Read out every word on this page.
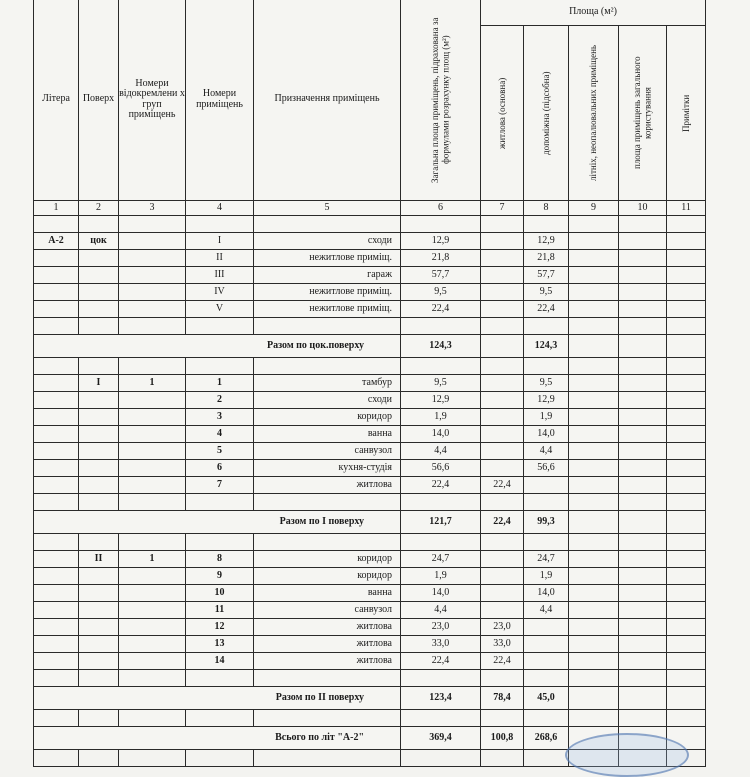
Літера	Поверх	Номери відокремлени х груп приміщень	Номери приміщень	Призначення приміщень	Загальна площа приміщень, підрахована за формулами розрахунку площ (м²)	Площа (м²)				

						житлова (основна)	допоміжна (підсобна)	літніх, неопалювальних приміщень	площа приміщень загального користування	Примітки

1	2	3	4	5	6	7	8	9	10	11

А-2	цок		І	сходи	12,9		12,9			
			ІІ	нежитлове приміщ.	21,8		21,8			
			ІІІ	гараж	57,7		57,7			
			ІV	нежитлове приміщ.	9,5		9,5			
			V	нежитлове приміщ.	22,4		22,4			

Разом по цок.поверху					124,3		124,3			

	І	1	1	тамбур	9,5		9,5			
			2	сходи	12,9		12,9			
			3	коридор	1,9		1,9			
			4	ванна	14,0		14,0			
			5	санвузол	4,4		4,4			
			6	кухня-студія	56,6		56,6			
			7	житлова	22,4	22,4				

Разом по І поверху					121,7	22,4	99,3			

	ІІ	1	8	коридор	24,7		24,7			
			9	коридор	1,9		1,9			
			10	ванна	14,0		14,0			
			11	санвузол	4,4		4,4			
			12	житлова	23,0	23,0				
			13	житлова	33,0	33,0				
			14	житлова	22,4	22,4				

Разом по ІІ поверху					123,4	78,4	45,0			

Всього по літ "А-2"					369,4	100,8	268,6			
